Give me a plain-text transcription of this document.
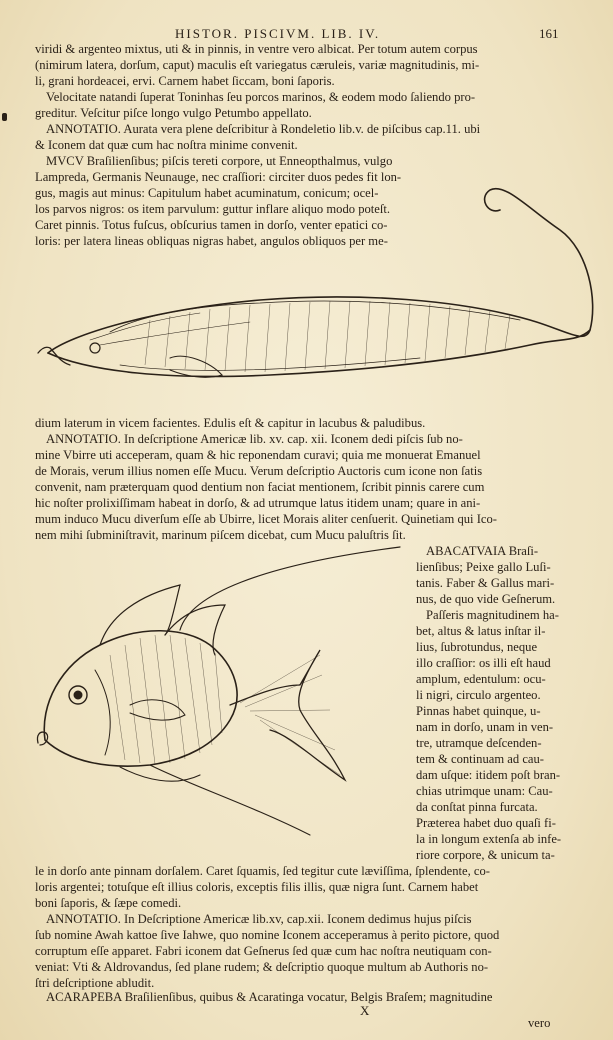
HISTOR. PISCIVM. LIB. IV.	161
viridi & argenteo mixtus, uti & in pinnis, in ventre vero albicat. Per totum autem corpus
(nimirum latera, dorſum, caput) maculis eſt variegatus cæruleis, variæ magnitudinis, mi-
li, grani hordeacei, ervi. Carnem habet ſiccam, boni ſaporis.
Velocitate natandi ſuperat Toninhas ſeu porcos marinos, & eodem modo ſaliendo pro-
greditur. Veſcitur piſce longo vulgo Petumbo appellato.
ANNOTATIO. Aurata vera plene deſcribitur à Rondeletio lib.v. de piſcibus cap.11. ubi
& Iconem dat quæ cum hac noſtra minime convenit.
MVCV Braſilienſibus; piſcis tereti corpore, ut Enneopthalmus, vulgo
Lampreda, Germanis Neunauge, nec craſſiori: circiter duos pedes fit lon-
gus, magis aut minus: Capitulum habet acuminatum, conicum; ocel-
los parvos nigros: os item parvulum: guttur inflare aliquo modo poteſt.
Caret pinnis. Totus fuſcus, obſcurius tamen in dorſo, venter epatici co-
loris: per latera lineas obliquas nigras habet, angulos obliquos per me-
dium laterum in vicem facientes. Edulis eſt & capitur in lacubus & paludibus.
ANNOTATIO. In deſcriptione Americæ lib. xv. cap. xii. Iconem dedi piſcis ſub no-
mine Vbirre uti acceperam, quam & hic reponendam curavi; quia me monuerat Emanuel
de Morais, verum illius nomen eſſe Mucu. Verum deſcriptio Auctoris cum icone non ſatis
convenit, nam præterquam quod dentium non faciat mentionem, ſcribit pinnis carere cum
hic noſter prolixiſſimam habeat in dorſo, & ad utrumque latus itidem unam; quare in ani-
mum induco Mucu diverſum eſſe ab Ubirre, licet Morais aliter cenſuerit. Quinetiam qui Ico-
nem mihi ſubminiſtravit, marinum piſcem dicebat, cum Mucu paluſtris ſit.
ABACATVAIA Braſi-
lienſibus; Peixe gallo Luſi-
tanis. Faber & Gallus mari-
nus, de quo vide Geſnerum.
Paſſeris magnitudinem ha-
bet, altus & latus inſtar il-
lius, ſubrotundus, neque
illo craſſior: os illi eſt haud
amplum, edentulum: ocu-
li nigri, circulo argenteo.
Pinnas habet quinque, u-
nam in dorſo, unam in ven-
tre, utramque deſcenden-
tem & continuam ad cau-
dam uſque: itidem poſt bran-
chias utrimque unam: Cau-
da conſtat pinna furcata.
Præterea habet duo quaſi fi-
la in longum extenſa ab infe-
riore corpore, & unicum ta-
le in dorſo ante pinnam dorſalem. Caret ſquamis, ſed tegitur cute læviſſima, ſplendente, co-
loris argentei; totuſque eſt illius coloris, exceptis filis illis, quæ nigra ſunt. Carnem habet
boni ſaporis, & ſæpe comedi.
ANNOTATIO. In Deſcriptione Americæ lib.xv, cap.xii. Iconem dedimus hujus piſcis
ſub nomine Awah kattoe ſive Iahwe, quo nomine Iconem acceperamus à perito pictore, quod
corruptum eſſe apparet. Fabri iconem dat Geſnerus ſed quæ cum hac noſtra neutiquam con-
veniat: Vti & Aldrovandus, ſed plane rudem; & deſcriptio quoque multum ab Authoris no-
ſtri deſcriptione abludit.
ACARAPEBA Braſilienſibus, quibus & Acaratinga vocatur, Belgis Braſem; magnitudine
X
vero
